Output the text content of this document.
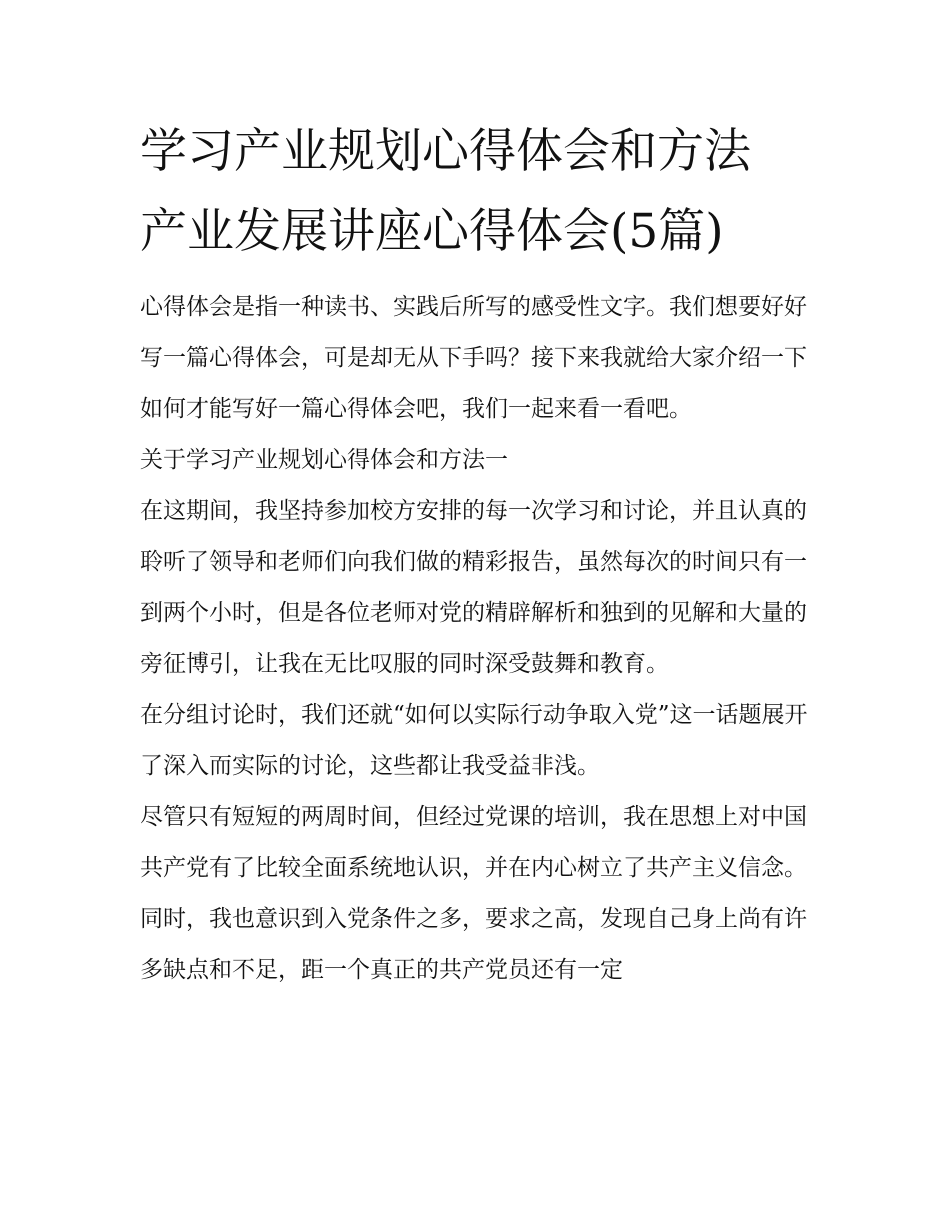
学习产业规划心得体会和方法
产业发展讲座心得体会(5篇)

心得体会是指一种读书、实践后所写的感受性文字。我们想要好好写一篇心得体会，可是却无从下手吗？接下来我就给大家介绍一下如何才能写好一篇心得体会吧，我们一起来看一看吧。

关于学习产业规划心得体会和方法一

在这期间，我坚持参加校方安排的每一次学习和讨论，并且认真的聆听了领导和老师们向我们做的精彩报告，虽然每次的时间只有一到两个小时，但是各位老师对党的精辟解析和独到的见解和大量的旁征博引，让我在无比叹服的同时深受鼓舞和教育。

在分组讨论时，我们还就“如何以实际行动争取入党”这一话题展开了深入而实际的讨论，这些都让我受益非浅。

尽管只有短短的两周时间，但经过党课的培训，我在思想上对中国共产党有了比较全面系统地认识，并在内心树立了共产主义信念。同时，我也意识到入党条件之多，要求之高，发现自己身上尚有许多缺点和不足，距一个真正的共产党员还有一定
